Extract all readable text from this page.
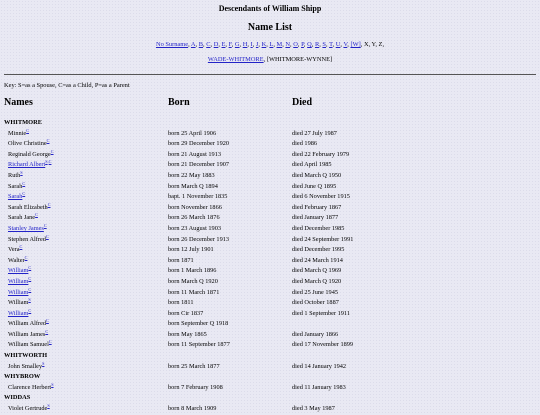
Descendants of William Shipp
Name List
No Surname, A, B, C, D, E, F, G, H, I, J, K, L, M, N, O, P, Q, R, S, T, U, V, [W], X, Y, Z,
WADE-WHITMORE, [WHITMORE-WYNNE]
Key: S=as a Spouse, C=as a Child, P=as a Parent
Names	Born	Died
WHITMORE
Minnie$^C$	born 25 April 1906	died 27 July 1987
Olive Christine$^C$	born 29 December 1920	died 1986
Reginald George$^C$	born 21 August 1913	died 22 February 1979
Richard Albert$^{S,C}$	born 21 December 1907	died April 1985
Ruth$^S$	born 22 May 1883	died March Q 1950
Sarah$^C$	born March Q 1894	died June Q 1895
Sarah$^C$	bapt. 1 November 1835	died 6 November 1915
Sarah Elizabeth$^C$	born November 1866	died February 1867
Sarah Jane$^C$	born 26 March 1876	died January 1877
Stanley James$^C$	born 23 August 1903	died December 1985
Stephen Alfred$^C$	born 26 December 1913	died 24 September 1991
Vera$^C$	born 12 July 1901	died December 1995
Walter$^C$	born 1871	died 24 March 1914
William$^C$	born 1 March 1896	died March Q 1969
William$^C$	born March Q 1920	died March Q 1920
William$^C$	born 11 March 1871	died 25 June 1945
William$^S$	born 1811	died October 1887
William$^C$	born Cir 1837	died 1 September 1911
William Alfred$^C$	born September Q 1918
William James$^C$	born May 1865	died January 1866
William Samuel$^C$	born 11 September 1877	died 17 November 1899
WHITWORTH
John Smalley$^S$	born 25 March 1877	died 14 January 1942
WHYBROW
Clarence Herbert$^S$	born 7 February 1908	died 11 January 1983
WIDDAS
Violet Gertrude$^S$	born 8 March 1909	died 3 May 1987
